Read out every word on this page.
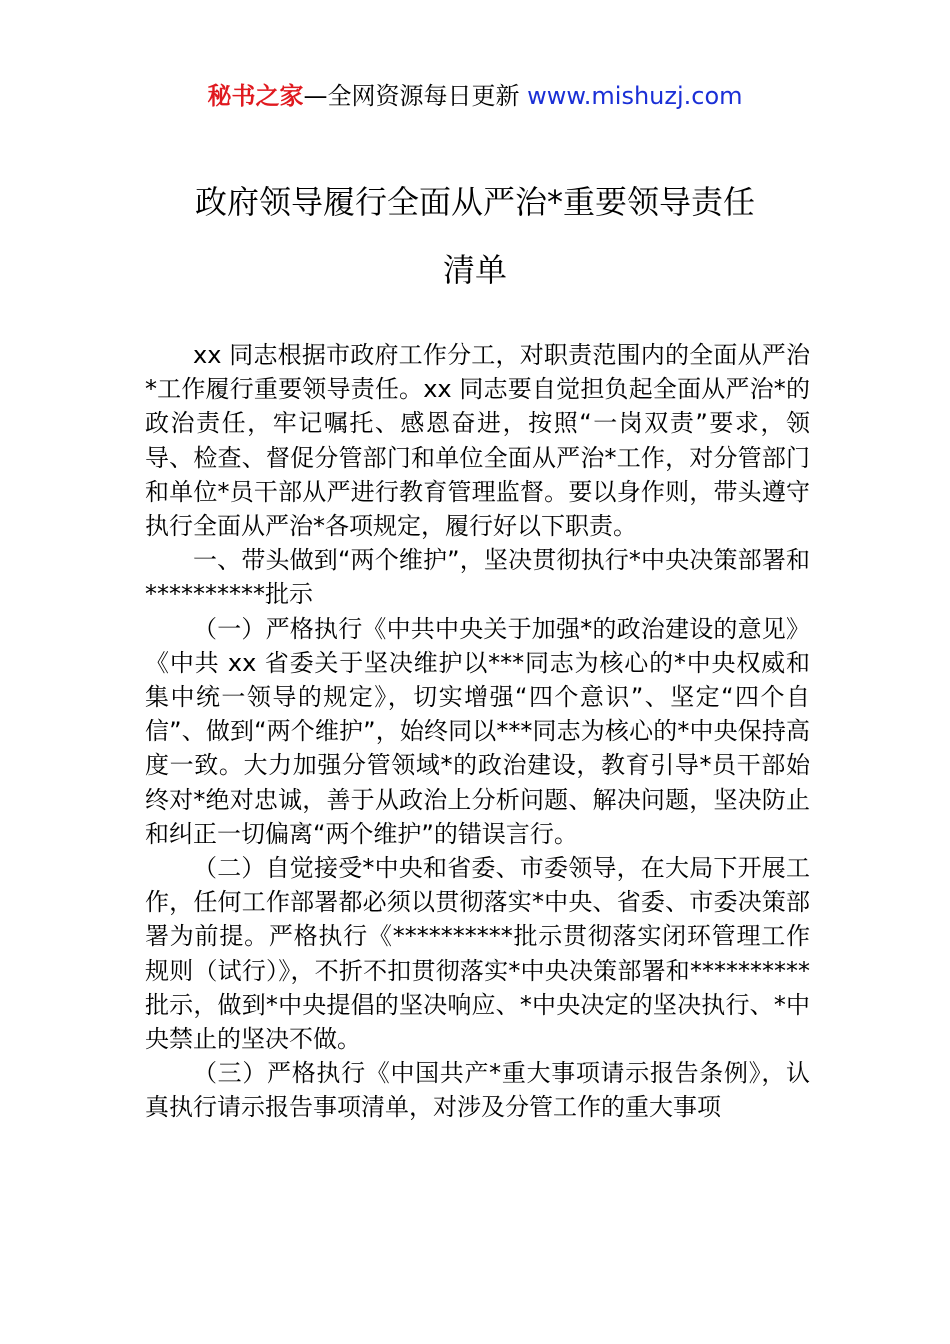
秘书之家—全网资源每日更新 www.mishuzj.com
政府领导履行全面从严治*重要领导责任
清单

xx 同志根据市政府工作分工，对职责范围内的全面从严治*工作履行重要领导责任。xx 同志要自觉担负起全面从严治*的政治责任，牢记嘱托、感恩奋进，按照“一岗双责”要求，领导、检查、督促分管部门和单位全面从严治*工作，对分管部门和单位*员干部从严进行教育管理监督。要以身作则，带头遵守执行全面从严治*各项规定，履行好以下职责。

一、带头做到“两个维护”，坚决贯彻执行*中央决策部署和**********批示

（一）严格执行《中共中央关于加强*的政治建设的意见》《中共 xx 省委关于坚决维护以***同志为核心的*中央权威和集中统一领导的规定》，切实增强“四个意识”、坚定“四个自信”、做到“两个维护”，始终同以***同志为核心的*中央保持高度一致。大力加强分管领域*的政治建设，教育引导*员干部始终对*绝对忠诚，善于从政治上分析问题、解决问题，坚决防止和纠正一切偏离“两个维护”的错误言行。

（二）自觉接受*中央和省委、市委领导，在大局下开展工作，任何工作部署都必须以贯彻落实*中央、省委、市委决策部署为前提。严格执行《**********批示贯彻落实闭环管理工作规则（试行）》，不折不扣贯彻落实*中央决策部署和**********批示，做到*中央提倡的坚决响应、*中央决定的坚决执行、*中央禁止的坚决不做。

（三）严格执行《中国共产*重大事项请示报告条例》，认真执行请示报告事项清单，对涉及分管工作的重大事项
